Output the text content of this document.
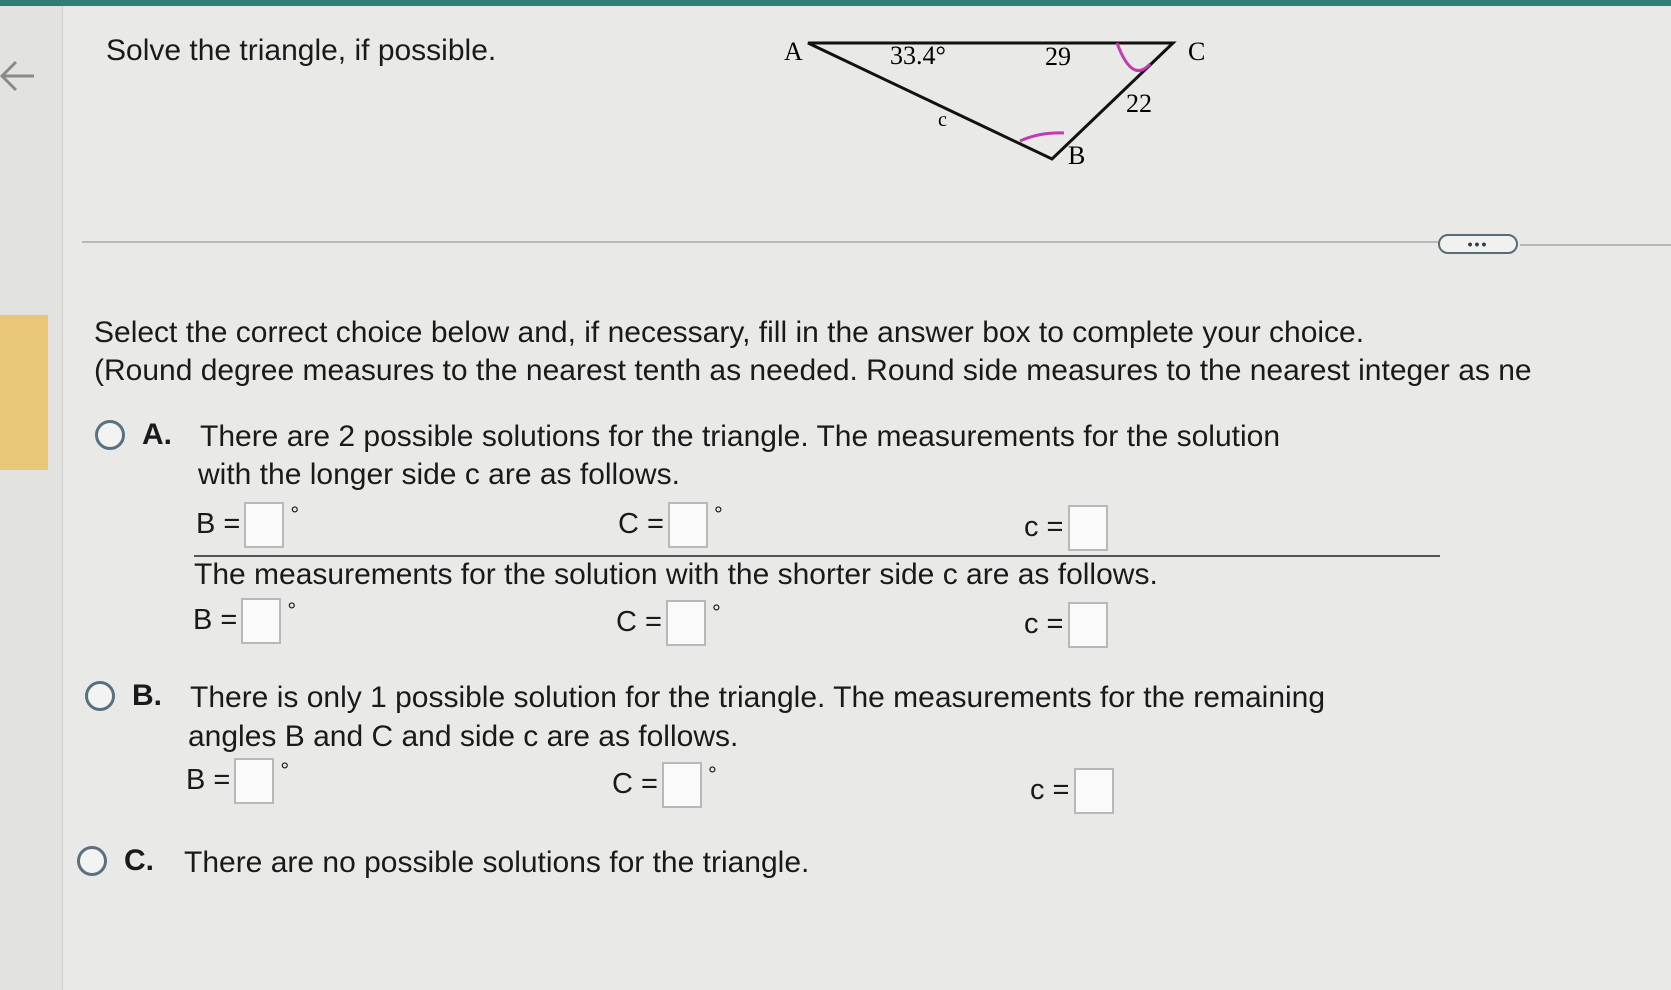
Solve the triangle, if possible.	A	33.4°	29	C
22
c
B
•••
Select the correct choice below and, if necessary, fill in the answer box to complete your choice.
(Round degree measures to the nearest tenth as needed. Round side measures to the nearest integer as ne
A. There are 2 possible solutions for the triangle. The measurements for the solution
with the longer side c are as follows.
B = °	C = °	c =
The measurements for the solution with the shorter side c are as follows.
B = °	C = °	c =
B. There is only 1 possible solution for the triangle. The measurements for the remaining
angles B and C and side c are as follows.
B = °	C = °	c =
C. There are no possible solutions for the triangle.
